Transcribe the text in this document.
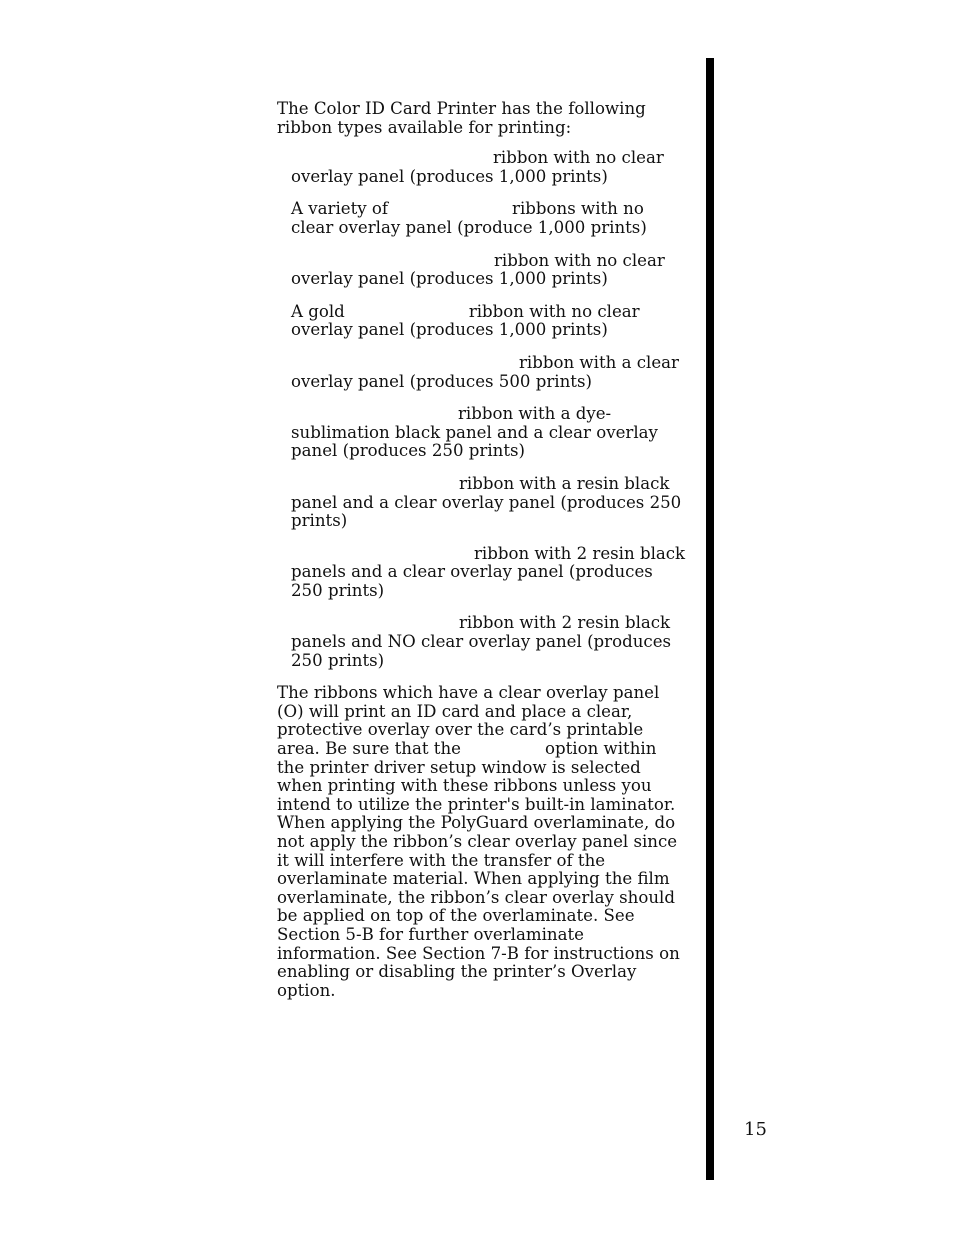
The Color ID Card Printer has the following ribbon types available for printing:

ribbon with no clear overlay panel (produces 1,000 prints)
A variety of	ribbons with no clear overlay panel (produce 1,000 prints)
ribbon with no clear overlay panel (produces 1,000 prints)
A gold	ribbon with no clear overlay panel (produces 1,000 prints)
ribbon with a clear overlay panel (produces 500 prints)
ribbon with a dye-sublimation black panel and a clear overlay panel (produces 250 prints)
ribbon with a resin black panel and a clear overlay panel (produces 250 prints)
ribbon with 2 resin black panels and a clear overlay panel (produces 250 prints)
ribbon with 2 resin black panels and NO clear overlay panel (produces 250 prints)

The ribbons which have a clear overlay panel (O) will print an ID card and place a clear, protective overlay over the card’s printable area. Be sure that the	option within the printer driver setup window is selected when printing with these ribbons unless you intend to utilize the printer's built-in laminator. When applying the PolyGuard overlaminate, do not apply the ribbon’s clear overlay panel since it will interfere with the transfer of the overlaminate material. When applying the film overlaminate, the ribbon’s clear overlay should be applied on top of the overlaminate. See Section 5-B for further overlaminate information. See Section 7-B for instructions on enabling or disabling the printer’s Overlay option.

15
